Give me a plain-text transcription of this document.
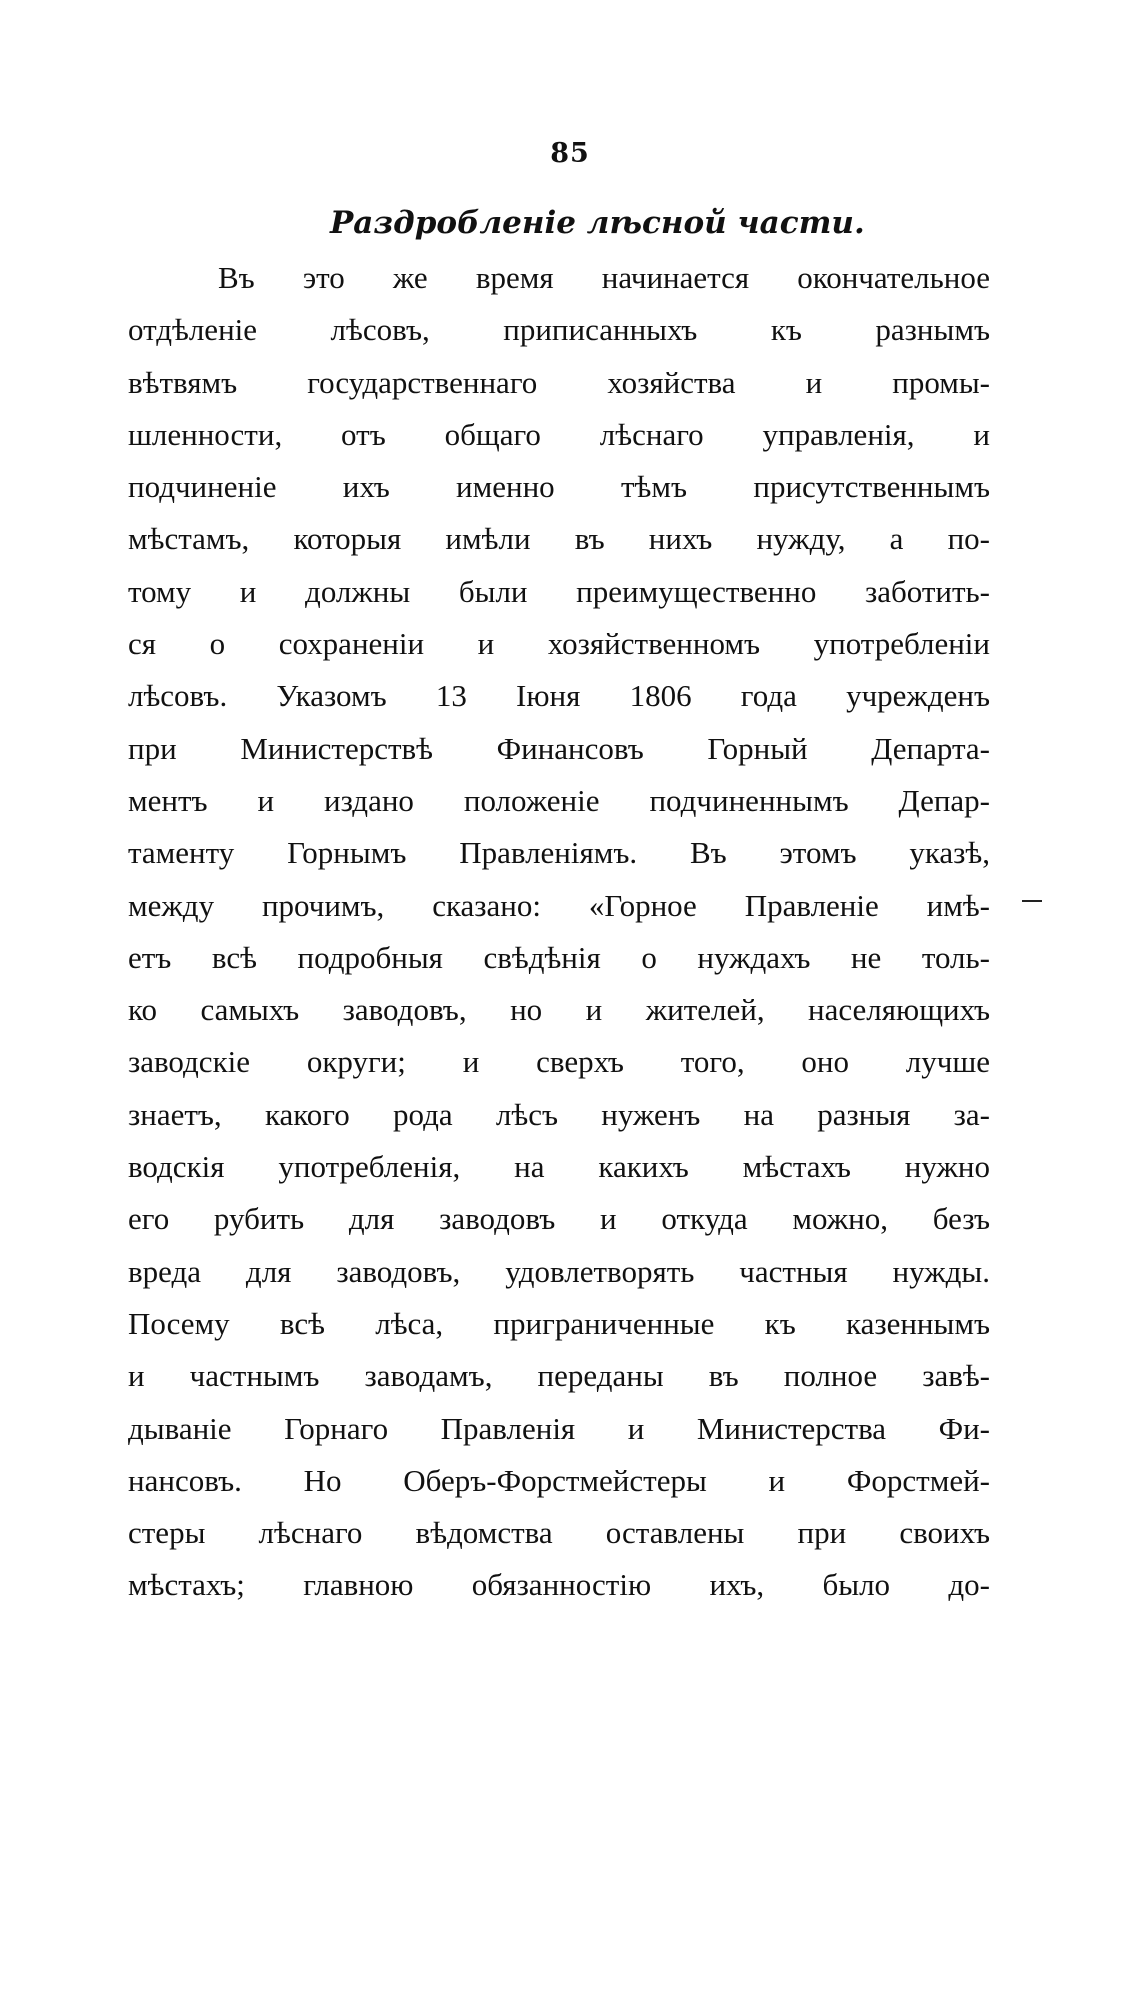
85
Раздробленіе лѣсной части.
Въ это же время начинается окончательное
отдѣленіе лѣсовъ, приписанныхъ къ разнымъ
вѣтвямъ государственнаго хозяйства и промы-
шленности, отъ общаго лѣснаго управленія, и
подчиненіе ихъ именно тѣмъ присутственнымъ
мѣстамъ, которыя имѣли въ нихъ нужду, а по-
тому и должны были преимущественно заботить-
ся о сохраненіи и хозяйственномъ употребленіи
лѣсовъ. Указомъ 13 Іюня 1806 года учрежденъ
при Министерствѣ Финансовъ Горный Департа-
ментъ и издано положеніе подчиненнымъ Депар-
таменту Горнымъ Правленіямъ. Въ этомъ указѣ,
между прочимъ, сказано: «Горное Правленіе имѣ-
етъ всѣ подробныя свѣдѣнія о нуждахъ не толь-
ко самыхъ заводовъ, но и жителей, населяющихъ
заводскіе округи; и сверхъ того, оно лучше
знаетъ, какого рода лѣсъ нуженъ на разныя за-
водскія употребленія, на какихъ мѣстахъ нужно
его рубить для заводовъ и откуда можно, безъ
вреда для заводовъ, удовлетворять частныя нужды.
Посему всѣ лѣса, приграниченные къ казеннымъ
и частнымъ заводамъ, переданы въ полное завѣ-
дываніе Горнаго Правленія и Министерства Фи-
нансовъ. Но Оберъ-Форстмейстеры и Форстмей-
стеры лѣснаго вѣдомства оставлены при своихъ
мѣстахъ; главною обязанностію ихъ, было до-
